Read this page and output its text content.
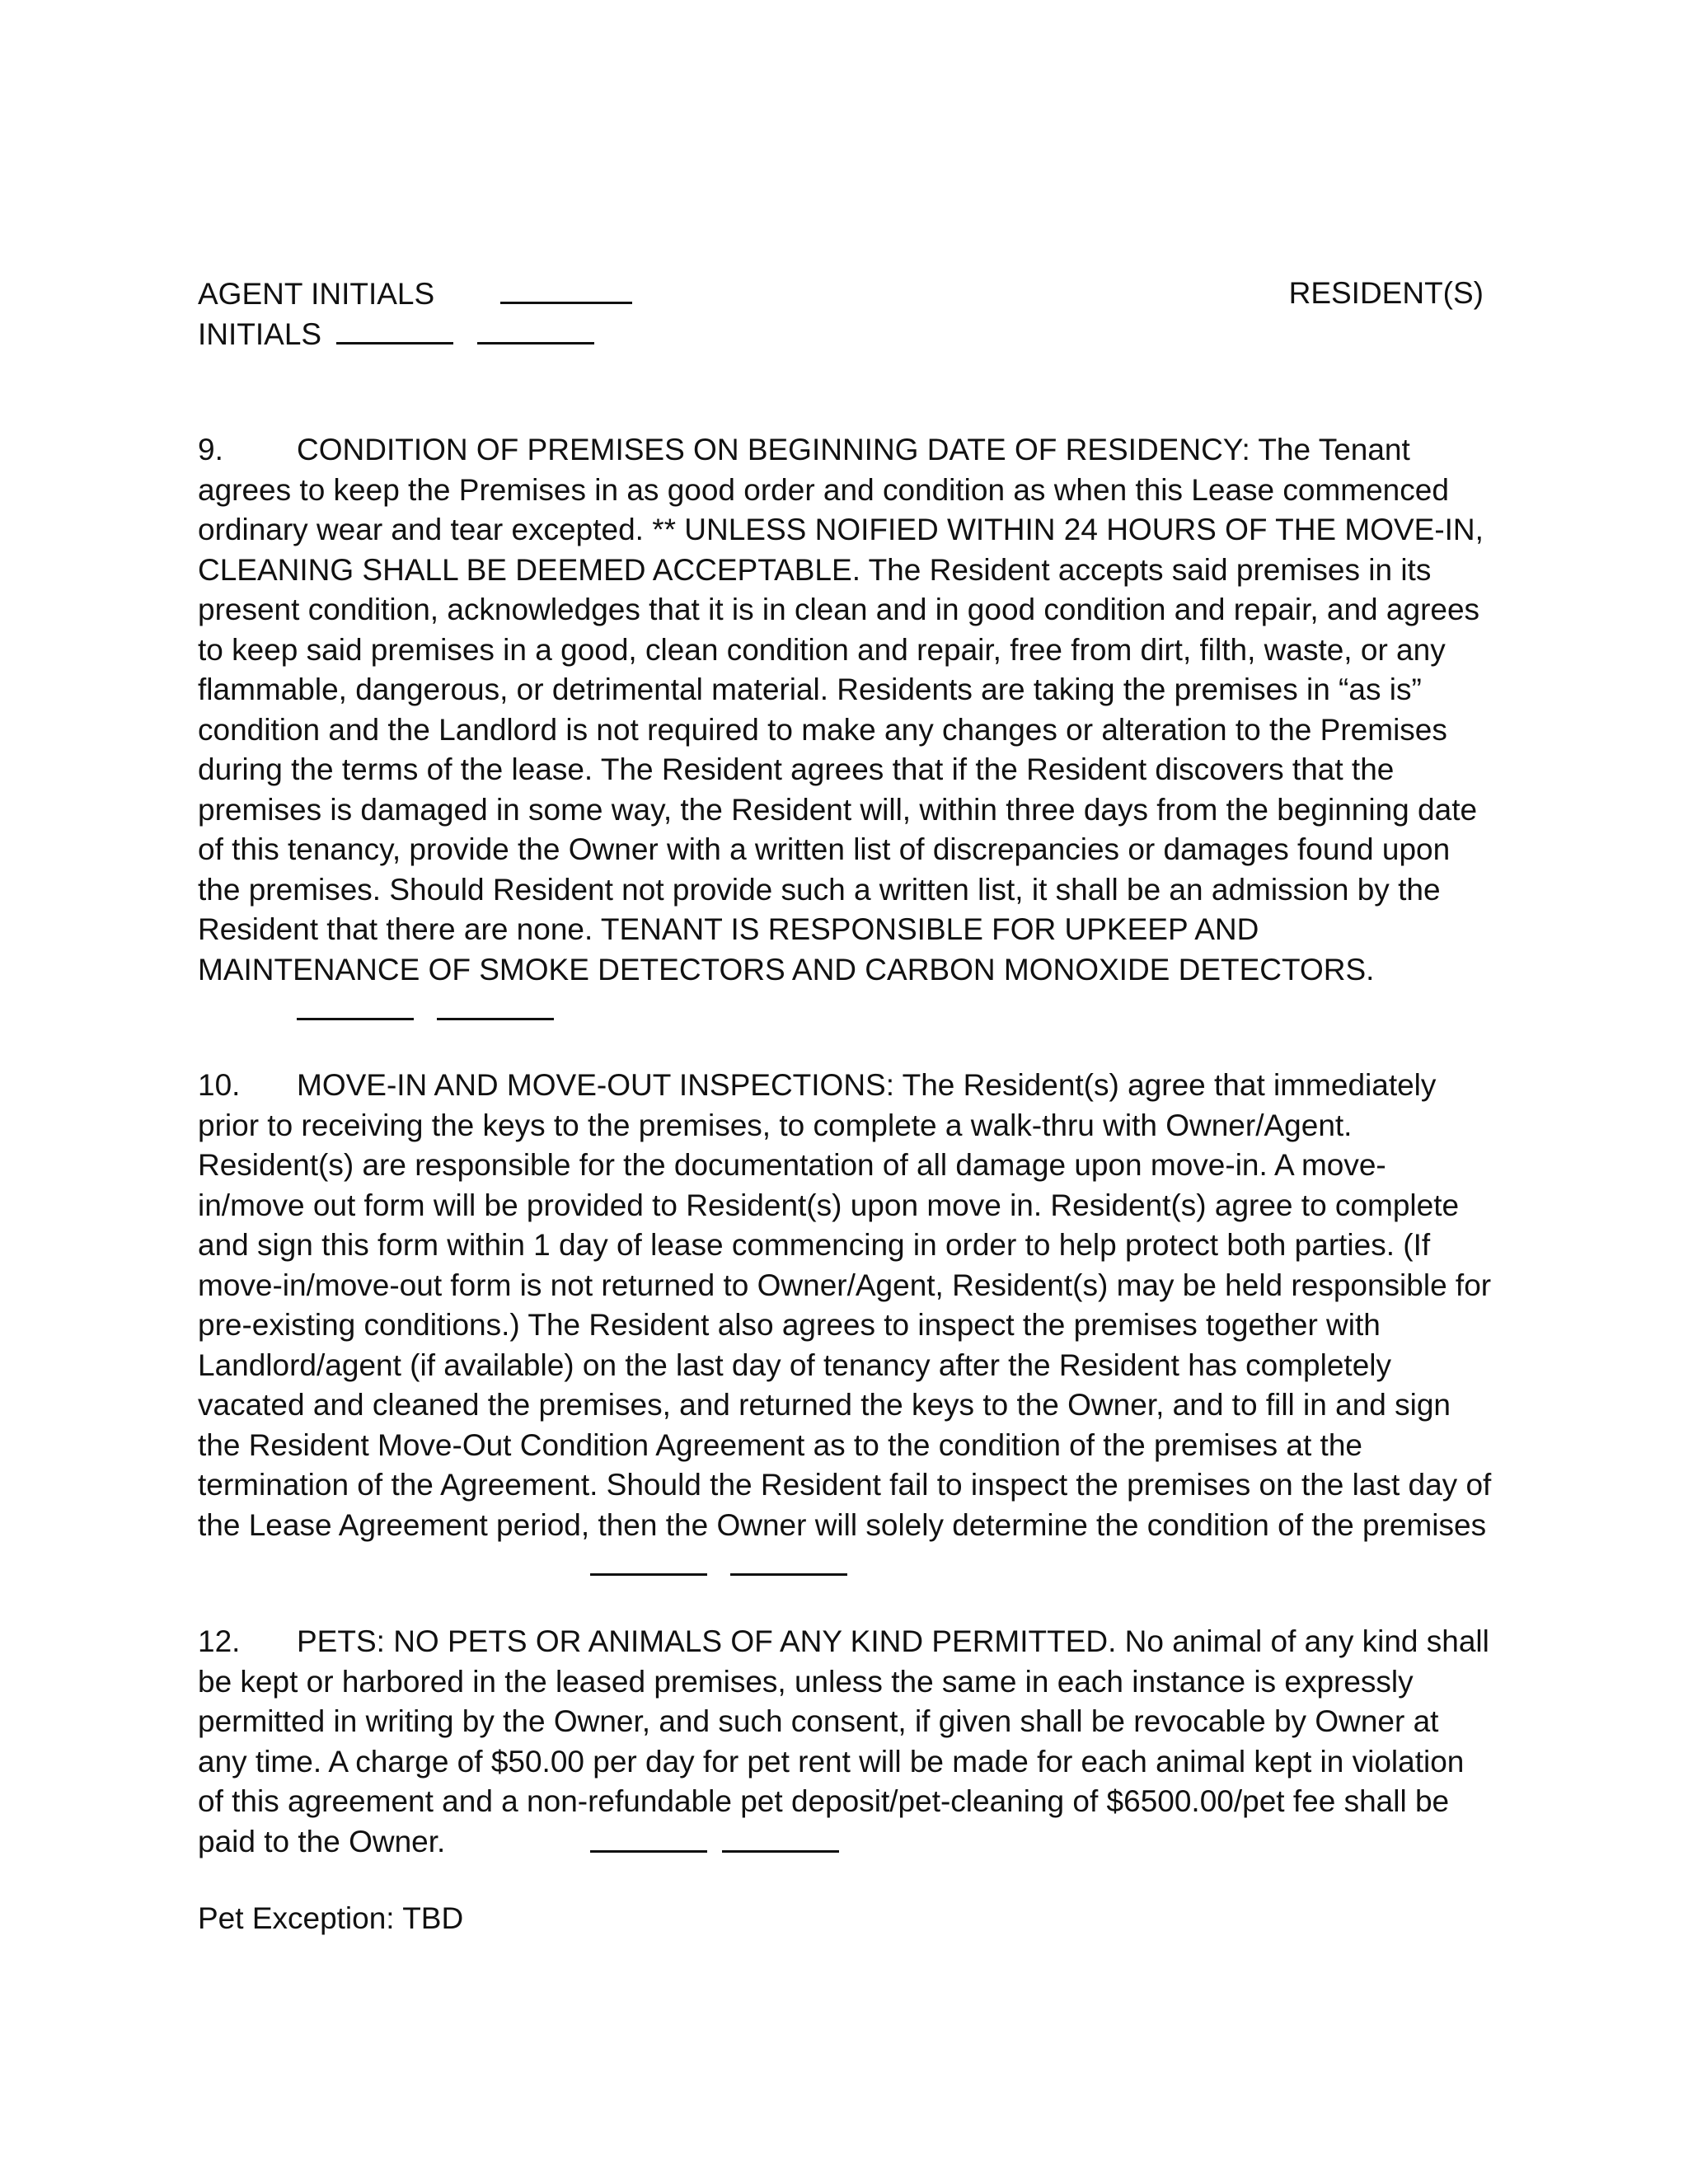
AGENT INITIALS	RESIDENT(S)
INITIALS
9. CONDITION OF PREMISES ON BEGINNING DATE OF RESIDENCY: The Tenant
agrees to keep the Premises in as good order and condition as when this Lease commenced
ordinary wear and tear excepted. ** UNLESS NOIFIED WITHIN 24 HOURS OF THE MOVE-IN,
CLEANING SHALL BE DEEMED ACCEPTABLE. The Resident accepts said premises in its
present condition, acknowledges that it is in clean and in good condition and repair, and agrees
to keep said premises in a good, clean condition and repair, free from dirt, filth, waste, or any
flammable, dangerous, or detrimental material. Residents are taking the premises in “as is”
condition and the Landlord is not required to make any changes or alteration to the Premises
during the terms of the lease. The Resident agrees that if the Resident discovers that the
premises is damaged in some way, the Resident will, within three days from the beginning date
of this tenancy, provide the Owner with a written list of discrepancies or damages found upon
the premises. Should Resident not provide such a written list, it shall be an admission by the
Resident that there are none. TENANT IS RESPONSIBLE FOR UPKEEP AND
MAINTENANCE OF SMOKE DETECTORS AND CARBON MONOXIDE DETECTORS.

10. MOVE-IN AND MOVE-OUT INSPECTIONS: The Resident(s) agree that immediately
prior to receiving the keys to the premises, to complete a walk-thru with Owner/Agent.
Resident(s) are responsible for the documentation of all damage upon move-in. A move-
in/move out form will be provided to Resident(s) upon move in. Resident(s) agree to complete
and sign this form within 1 day of lease commencing in order to help protect both parties. (If
move-in/move-out form is not returned to Owner/Agent, Resident(s) may be held responsible for
pre-existing conditions.) The Resident also agrees to inspect the premises together with
Landlord/agent (if available) on the last day of tenancy after the Resident has completely
vacated and cleaned the premises, and returned the keys to the Owner, and to fill in and sign
the Resident Move-Out Condition Agreement as to the condition of the premises at the
termination of the Agreement. Should the Resident fail to inspect the premises on the last day of
the Lease Agreement period, then the Owner will solely determine the condition of the premises

12. PETS: NO PETS OR ANIMALS OF ANY KIND PERMITTED. No animal of any kind shall
be kept or harbored in the leased premises, unless the same in each instance is expressly
permitted in writing by the Owner, and such consent, if given shall be revocable by Owner at
any time. A charge of $50.00 per day for pet rent will be made for each animal kept in violation
of this agreement and a non-refundable pet deposit/pet-cleaning of $6500.00/pet fee shall be
paid to the Owner.
Pet Exception: TBD
